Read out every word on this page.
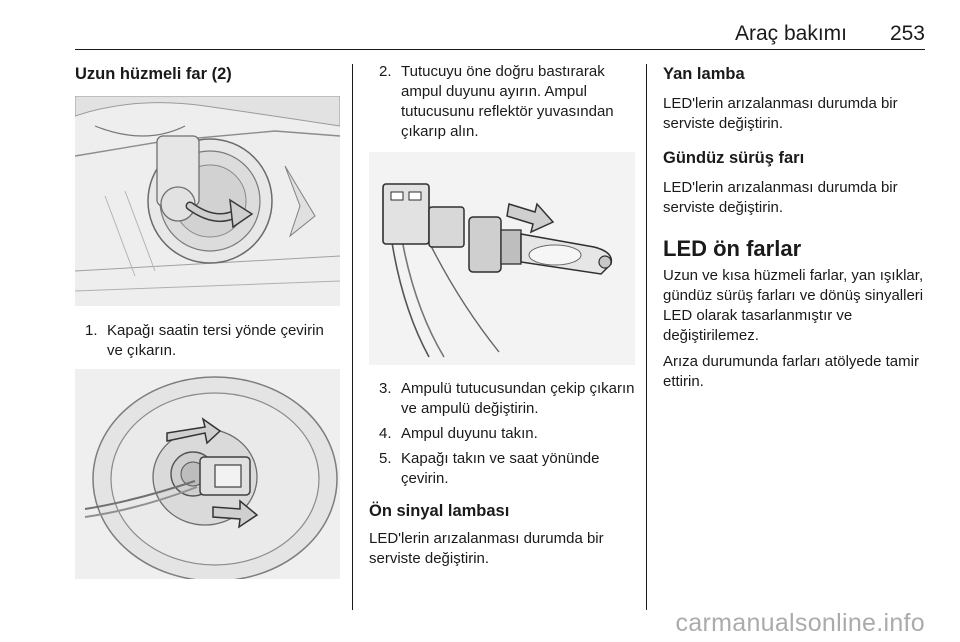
Araç bakımı 253
Uzun hüzmeli far (2)
1. Kapağı saatin tersi yönde çevirin ve çıkarın.
2. Tutucuyu öne doğru bastırarak ampul duyunu ayırın. Ampul tutucusunu reflektör yuvasından çıkarıp alın.
3. Ampulü tutucusundan çekip çıkarın ve ampulü değiştirin.
4. Ampul duyunu takın.
5. Kapağı takın ve saat yönünde çevirin.
Ön sinyal lambası
LED'lerin arızalanması durumda bir serviste değiştirin.
Yan lamba
LED'lerin arızalanması durumda bir serviste değiştirin.
Gündüz sürüş farı
LED'lerin arızalanması durumda bir serviste değiştirin.
LED ön farlar
Uzun ve kısa hüzmeli farlar, yan ışıklar, gündüz sürüş farları ve dönüş sinyalleri LED olarak tasarlanmıştır ve değiştirilemez.
Arıza durumunda farları atölyede tamir ettirin.
carmanualsonline.info
